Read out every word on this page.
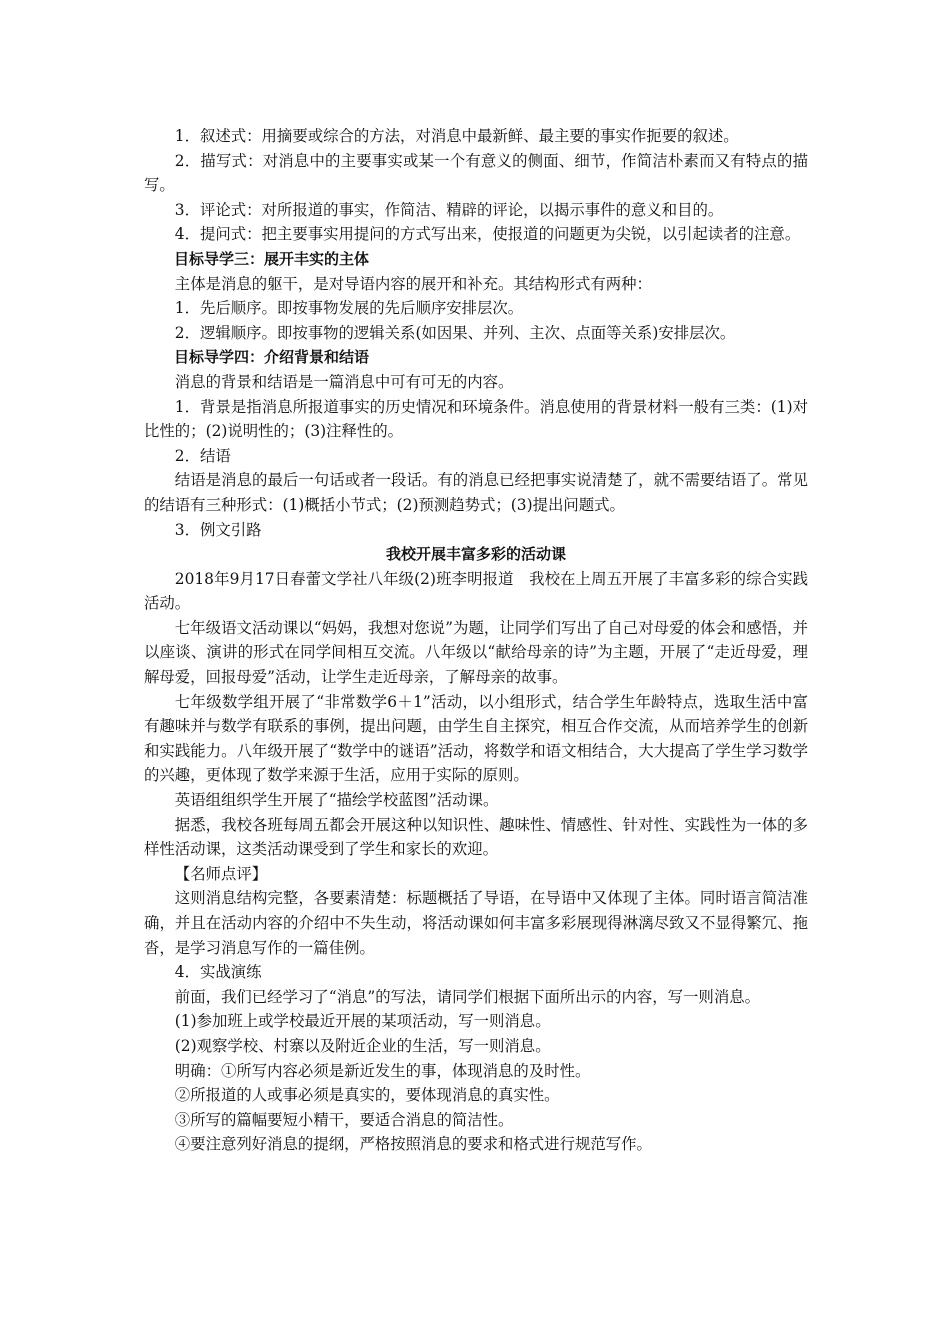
1．叙述式：用摘要或综合的方法，对消息中最新鲜、最主要的事实作扼要的叙述。

2．描写式：对消息中的主要事实或某一个有意义的侧面、细节，作简洁朴素而又有特点的描写。

3．评论式：对所报道的事实，作简洁、精辟的评论，以揭示事件的意义和目的。

4．提问式：把主要事实用提问的方式写出来，使报道的问题更为尖锐，以引起读者的注意。

目标导学三：展开丰实的主体

主体是消息的躯干，是对导语内容的展开和补充。其结构形式有两种：

1．先后顺序。即按事物发展的先后顺序安排层次。

2．逻辑顺序。即按事物的逻辑关系(如因果、并列、主次、点面等关系)安排层次。

目标导学四：介绍背景和结语

消息的背景和结语是一篇消息中可有可无的内容。

1．背景是指消息所报道事实的历史情况和环境条件。消息使用的背景材料一般有三类：(1)对比性的；(2)说明性的；(3)注释性的。

2．结语

结语是消息的最后一句话或者一段话。有的消息已经把事实说清楚了，就不需要结语了。常见的结语有三种形式：(1)概括小节式；(2)预测趋势式；(3)提出问题式。

3．例文引路

我校开展丰富多彩的活动课

2018年9月17日春蕾文学社八年级(2)班李明报道　我校在上周五开展了丰富多彩的综合实践活动。

七年级语文活动课以“妈妈，我想对您说”为题，让同学们写出了自己对母爱的体会和感悟，并以座谈、演讲的形式在同学间相互交流。八年级以“献给母亲的诗”为主题，开展了“走近母爱，理解母爱，回报母爱”活动，让学生走近母亲，了解母亲的故事。

七年级数学组开展了“非常数学6＋1”活动，以小组形式，结合学生年龄特点，选取生活中富有趣味并与数学有联系的事例，提出问题，由学生自主探究，相互合作交流，从而培养学生的创新和实践能力。八年级开展了“数学中的谜语”活动，将数学和语文相结合，大大提高了学生学习数学的兴趣，更体现了数学来源于生活，应用于实际的原则。

英语组组织学生开展了“描绘学校蓝图”活动课。

据悉，我校各班每周五都会开展这种以知识性、趣味性、情感性、针对性、实践性为一体的多样性活动课，这类活动课受到了学生和家长的欢迎。

【名师点评】

这则消息结构完整，各要素清楚：标题概括了导语，在导语中又体现了主体。同时语言简洁准确，并且在活动内容的介绍中不失生动，将活动课如何丰富多彩展现得淋漓尽致又不显得繁冗、拖沓，是学习消息写作的一篇佳例。

4．实战演练

前面，我们已经学习了“消息”的写法，请同学们根据下面所出示的内容，写一则消息。

(1)参加班上或学校最近开展的某项活动，写一则消息。

(2)观察学校、村寨以及附近企业的生活，写一则消息。

明确：①所写内容必须是新近发生的事，体现消息的及时性。

②所报道的人或事必须是真实的，要体现消息的真实性。

③所写的篇幅要短小精干，要适合消息的简洁性。

④要注意列好消息的提纲，严格按照消息的要求和格式进行规范写作。
